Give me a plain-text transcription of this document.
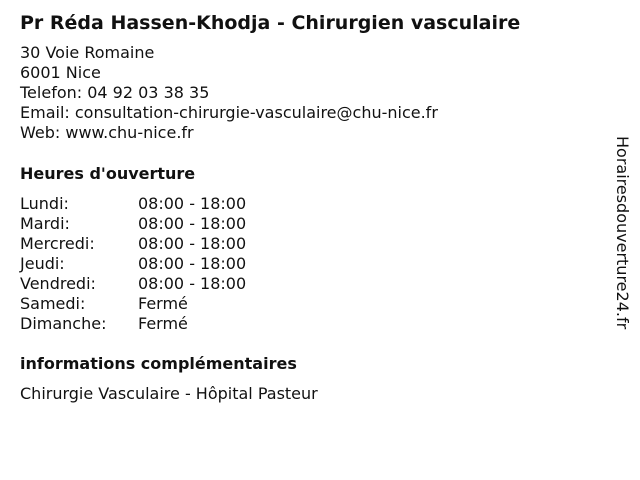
Pr Réda Hassen-Khodja - Chirurgien vasculaire
30 Voie Romaine
6001 Nice
Telefon: 04 92 03 38 35
Email: consultation-chirurgie-vasculaire@chu-nice.fr
Web: www.chu-nice.fr
Heures d'ouverture
Lundi:	08:00 - 18:00
Mardi:	08:00 - 18:00
Mercredi:	08:00 - 18:00
Jeudi:	08:00 - 18:00
Vendredi:	08:00 - 18:00
Samedi:	Fermé
Dimanche:	Fermé
informations complémentaires
Chirurgie Vasculaire - Hôpital Pasteur
Horairesdouverture24.fr
